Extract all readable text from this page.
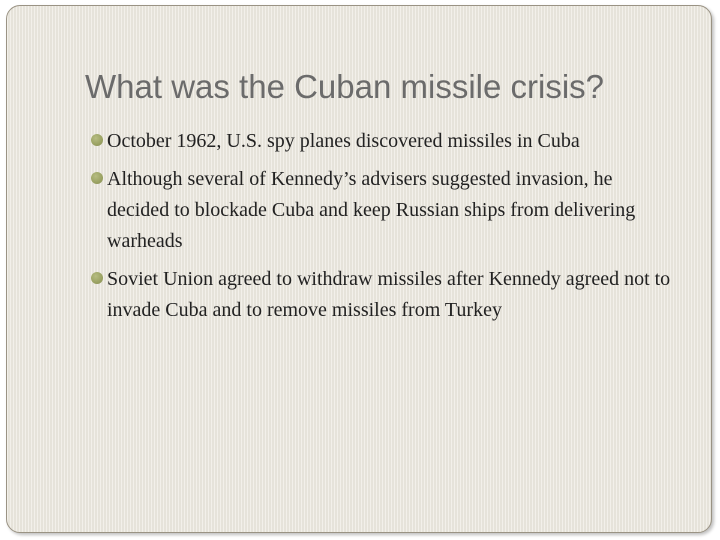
What was the Cuban missile crisis?
October 1962, U.S. spy planes discovered missiles in Cuba
Although several of Kennedy’s advisers suggested invasion, he decided to blockade Cuba and keep Russian ships from delivering warheads
Soviet Union agreed to withdraw missiles after Kennedy agreed not to invade Cuba and to remove missiles from Turkey
